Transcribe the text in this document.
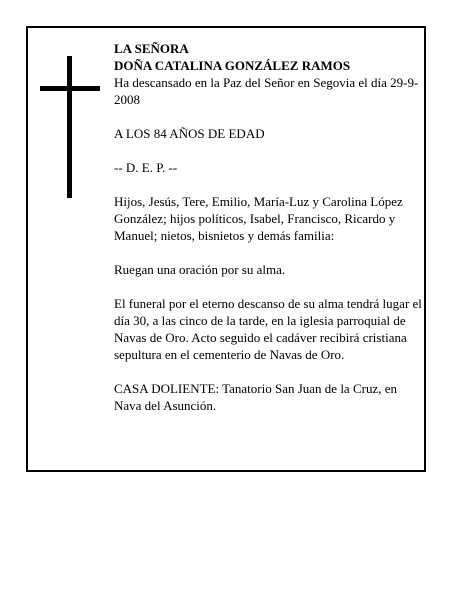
LA SEÑORA

DOÑA CATALINA GONZÁLEZ RAMOS

Ha descansado en la Paz del Señor en Segovia el día 29-9-2008

A LOS 84 AÑOS DE EDAD

-- D. E. P. --

Hijos, Jesús, Tere, Emilio, María-Luz y Carolina López González; hijos políticos, Isabel, Francisco, Ricardo y Manuel; nietos, bisnietos y demás familia:

Ruegan una oración por su alma.

El funeral por el eterno descanso de su alma tendrá lugar el día 30, a las cinco de la tarde, en la iglesia parroquial de Navas de Oro. Acto seguido el cadáver recibirá cristiana sepultura en el cementerio de Navas de Oro.

CASA DOLIENTE: Tanatorio San Juan de la Cruz, en Nava del Asunción.
